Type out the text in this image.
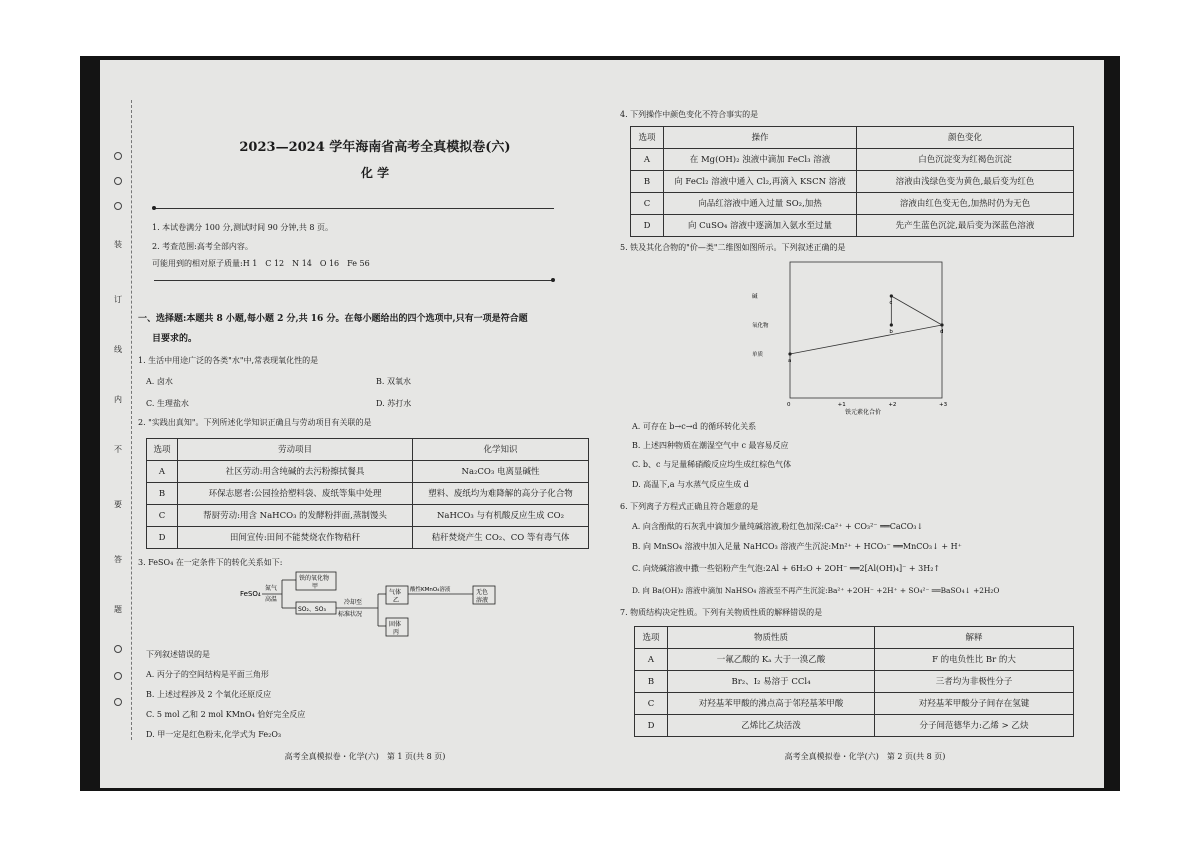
装
订
线
内
不
要
答
题
2023—2024 学年海南省高考全真模拟卷(六)
化 学
1. 本试卷满分 100 分,测试时间 90 分钟,共 8 页。
2. 考查范围:高考全部内容。
可能用到的相对原子质量:H 1　C 12　N 14　O 16　Fe 56
一、选择题:本题共 8 小题,每小题 2 分,共 16 分。在每小题给出的四个选项中,只有一项是符合题
目要求的。
1. 生活中用途广泛的各类"水"中,常表现氧化性的是
A. 卤水	B. 双氧水
C. 生理盐水	D. 苏打水
2. "实践出真知"。下列所述化学知识正确且与劳动项目有关联的是
选项	劳动项目	化学知识
A	社区劳动:用含纯碱的去污粉擦拭餐具	Na₂CO₃ 电离显碱性
B	环保志愿者:公园捡拾塑料袋、废纸等集中处理	塑料、废纸均为难降解的高分子化合物
C	帮厨劳动:用含 NaHCO₃ 的发酵粉拌面,蒸制馒头	NaHCO₃ 与有机酸反应生成 CO₂
D	田间宣传:田间不能焚烧农作物秸秆	秸秆焚烧产生 CO₂、CO 等有毒气体
3. FeSO₄ 在一定条件下的转化关系如下:
FeSO₄
氮气
高温
铁的氧化物
甲
SO₂、SO₃
冷却至
标准状况
气体
乙
酸性KMnO₄溶液	无色
溶液
固体
丙
下列叙述错误的是
A. 丙分子的空间结构是平面三角形
B. 上述过程涉及 2 个氧化还原反应
C. 5 mol 乙和 2 mol KMnO₄ 恰好完全反应
D. 甲一定是红色粉末,化学式为 Fe₂O₃
高考全真模拟卷・化学(六)　第 1 页(共 8 页)
4. 下列操作中颜色变化不符合事实的是
选项	操作	颜色变化
A	在 Mg(OH)₂ 浊液中滴加 FeCl₃ 溶液	白色沉淀变为红褐色沉淀
B	向 FeCl₂ 溶液中通入 Cl₂,再滴入 KSCN 溶液	溶液由浅绿色变为黄色,最后变为红色
C	向品红溶液中通入过量 SO₂,加热	溶液由红色变无色,加热时仍为无色
D	向 CuSO₄ 溶液中逐滴加入氨水至过量	先产生蓝色沉淀,最后变为深蓝色溶液
5. 铁及其化合物的"价—类"二维图如图所示。下列叙述正确的是
单质
氧化物
碱
0	+1	+2	+3
a
b
c
d
铁元素化合价
A. 可存在 b→c→d 的循环转化关系
B. 上述四种物质在潮湿空气中 c 最容易反应
C. b、c 与足量稀硝酸反应均生成红棕色气体
D. 高温下,a 与水蒸气反应生成 d
6. 下列离子方程式正确且符合题意的是
A. 向含酚酞的石灰乳中滴加少量纯碱溶液,粉红色加深:Ca²⁺ + CO₃²⁻ ══CaCO₃↓
B. 向 MnSO₄ 溶液中加入足量 NaHCO₃ 溶液产生沉淀:Mn²⁺ + HCO₃⁻ ══MnCO₃↓ + H⁺
C. 向烧碱溶液中撒一些铝粉产生气泡:2Al + 6H₂O + 2OH⁻ ══2[Al(OH)₄]⁻ + 3H₂↑
D. 向 Ba(OH)₂ 溶液中滴加 NaHSO₄ 溶液至不再产生沉淀:Ba²⁺ +2OH⁻ +2H⁺ + SO₄²⁻ ══BaSO₄↓ +2H₂O
7. 物质结构决定性质。下列有关物质性质的解释错误的是
选项	物质性质	解释
A	一氟乙酸的 Kₐ 大于一溴乙酸	F 的电负性比 Br 的大
B	Br₂、I₂ 易溶于 CCl₄	三者均为非极性分子
C	对羟基苯甲酸的沸点高于邻羟基苯甲酸	对羟基苯甲酸分子间存在氢键
D	乙烯比乙炔活泼	分子间范德华力:乙烯 > 乙炔
高考全真模拟卷・化学(六)　第 2 页(共 8 页)
